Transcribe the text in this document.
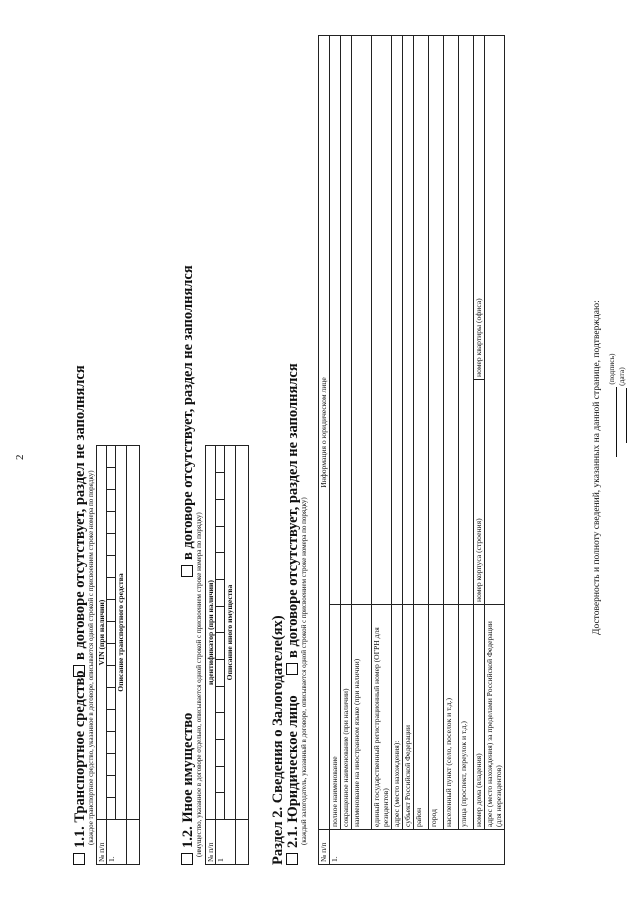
2
1.1. Транспортное средство
в договоре отсутствует, раздел не заполнялся (каждое транспортное средство, указанное в договоре, описывается одной строкой с присвоением строке номера по порядку)
№ п/п	VIN (при наличии)																
1.																	
	Описание транспортного средства																

1.2. Иное имущество
в договоре отсутствует, раздел не заполнялся
(имущество, указанное в договоре отдельно, описывается одной строкой с присвоением строке номера по порядку) № п/п	идентификатор (при наличии)													
1														
	Описание иного имущества													
	Раздел 2. Сведения о Залогодателе(ях) 2.1. Юридическое лицо
в договоре отсутствует, раздел не заполнялся (каждый залогодатель, указанный в договоре, описывается одной строкой с присвоением строке номера по порядку)
№ п/п	Информация о юридическом лице		
1.	полное наименование		
	сокращенное наименование (при наличии)		
	наименование на иностранном языке (при наличии)		
	единый государственный регистрационный номер (ОГРН для резидентов)		
	адрес (место нахождения):		
	субъект Российской Федерации		
	район		
	город		
	населенный пункт (село, поселок и т.д.)		
	улица (проспект, переулок и т.д.)		
	номер дома (владения)	номер корпуса (строения)	номер квартиры (офиса)
	адрес (место нахождения) за пределами Российской Федерации (для нерезидентов)		
Достоверность и полноту сведений, указанных на данной странице, подтверждаю: (подпись)   (дата)
